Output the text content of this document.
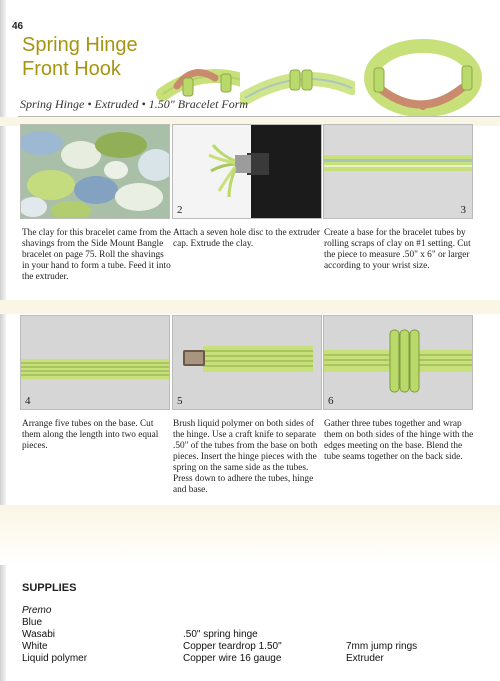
46
Spring Hinge
Front Hook
Spring Hinge • Extruded • 1.50" Bracelet Form
The clay for this bracelet came from the shavings from the Side Mount Bangle bracelet on page 75. Roll the shavings in your hand to form a tube. Feed it into the extruder.
2
Attach a seven hole disc to the extruder cap. Extrude the clay.
3
Create a base for the bracelet tubes by rolling scraps of clay on #1 setting. Cut the piece to measure .50" x 6" or larger according to your wrist size.
4
Arrange five tubes on the base. Cut them along the length into two equal pieces.
5
Brush liquid polymer on both sides of the hinge. Use a craft knife to separate .50" of the tubes from the base on both pieces. Insert the hinge pieces with the spring on the same side as the tubes. Press down to adhere the tubes, hinge and base.
6
Gather three tubes together and wrap them on both sides of the hinge with the edges meeting on the base. Blend the tube seams together on the back side.
SUPPLIES
Premo
Blue
Wasabi
White
Liquid polymer
.50" spring hinge
Copper teardrop 1.50"
Copper wire 16 gauge
7mm jump rings
Extruder
